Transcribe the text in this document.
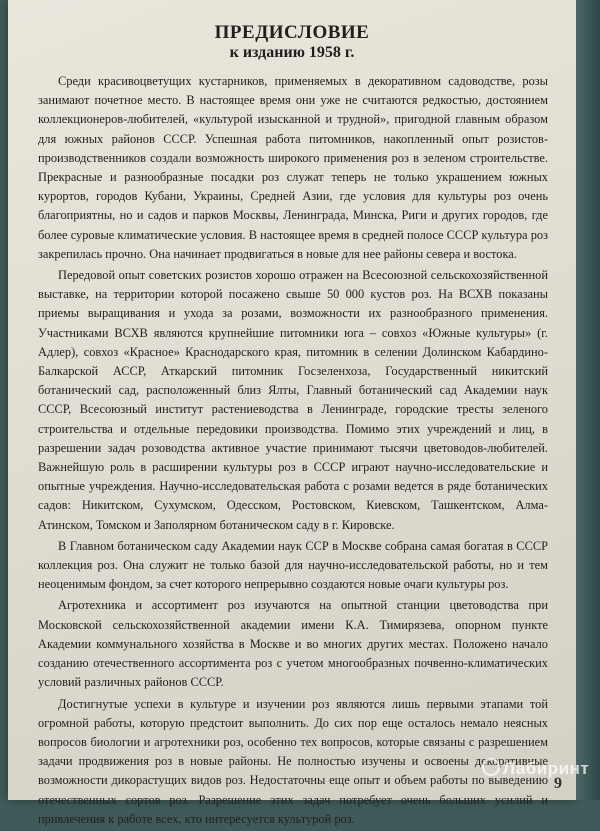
ПРЕДИСЛОВИЕ
к изданию 1958 г.

Среди красивоцветущих кустарников, применяемых в декоративном садоводстве, розы занимают почетное место. В настоящее время они уже не считаются редкостью, достоянием коллекционеров-любителей, «культурой изысканной и трудной», пригодной главным образом для южных районов СССР. Успешная работа питомников, накопленный опыт розистов-производственников создали возможность широкого применения роз в зеленом строительстве. Прекрасные и разнообразные посадки роз служат теперь не только украшением южных курортов, городов Кубани, Украины, Средней Азии, где условия для культуры роз очень благоприятны, но и садов и парков Москвы, Ленинграда, Минска, Риги и других городов, где более суровые климатические условия. В настоящее время в средней полосе СССР культура роз закрепилась прочно. Она начинает продвигаться в новые для нее районы севера и востока.

Передовой опыт советских розистов хорошо отражен на Всесоюзной сельскохозяйственной выставке, на территории которой посажено свыше 50 000 кустов роз. На ВСХВ показаны приемы выращивания и ухода за розами, возможности их разнообразного применения. Участниками ВСХВ являются крупнейшие питомники юга – совхоз «Южные культуры» (г. Адлер), совхоз «Красное» Краснодарского края, питомник в селении Долинском Кабардино-Балкарской АССР, Аткарский питомник Госзеленхоза, Государственный никитский ботанический сад, расположенный близ Ялты, Главный ботанический сад Академии наук СССР, Всесоюзный институт растениеводства в Ленинграде, городские тресты зеленого строительства и отдельные передовики производства. Помимо этих учреждений и лиц, в разрешении задач розоводства активное участие принимают тысячи цветоводов-любителей. Важнейшую роль в расширении культуры роз в СССР играют научно-исследовательские и опытные учреждения. Научно-исследовательская работа с розами ведется в ряде ботанических садов: Никитском, Сухумском, Одесском, Ростовском, Киевском, Ташкентском, Алма-Атинском, Томском и Заполярном ботаническом саду в г. Кировске.

В Главном ботаническом саду Академии наук ССР в Москве собрана самая богатая в СССР коллекция роз. Она служит не только базой для научно-исследовательской работы, но и тем неоценимым фондом, за счет которого непрерывно создаются новые очаги культуры роз.

Агротехника и ассортимент роз изучаются на опытной станции цветоводства при Московской сельскохозяйственной академии имени К.А. Тимирязева, опорном пункте Академии коммунального хозяйства в Москве и во многих других местах. Положено начало созданию отечественного ассортимента роз с учетом многообразных почвенно-климатических условий различных районов СССР.

Достигнутые успехи в культуре и изучении роз являются лишь первыми этапами той огромной работы, которую предстоит выполнить. До сих пор еще осталось немало неясных вопросов биологии и агротехники роз, особенно тех вопросов, которые связаны с разрешением задачи продвижения роз в новые районы. Не полностью изучены и освоены декоративные возможности дикорастущих видов роз. Недостаточны еще опыт и объем работы по выведению отечественных сортов роз. Разрешение этих задач потребует очень больших усилий и привлечения к работе всех, кто интересуется культурой роз.

9
Лабиринт
